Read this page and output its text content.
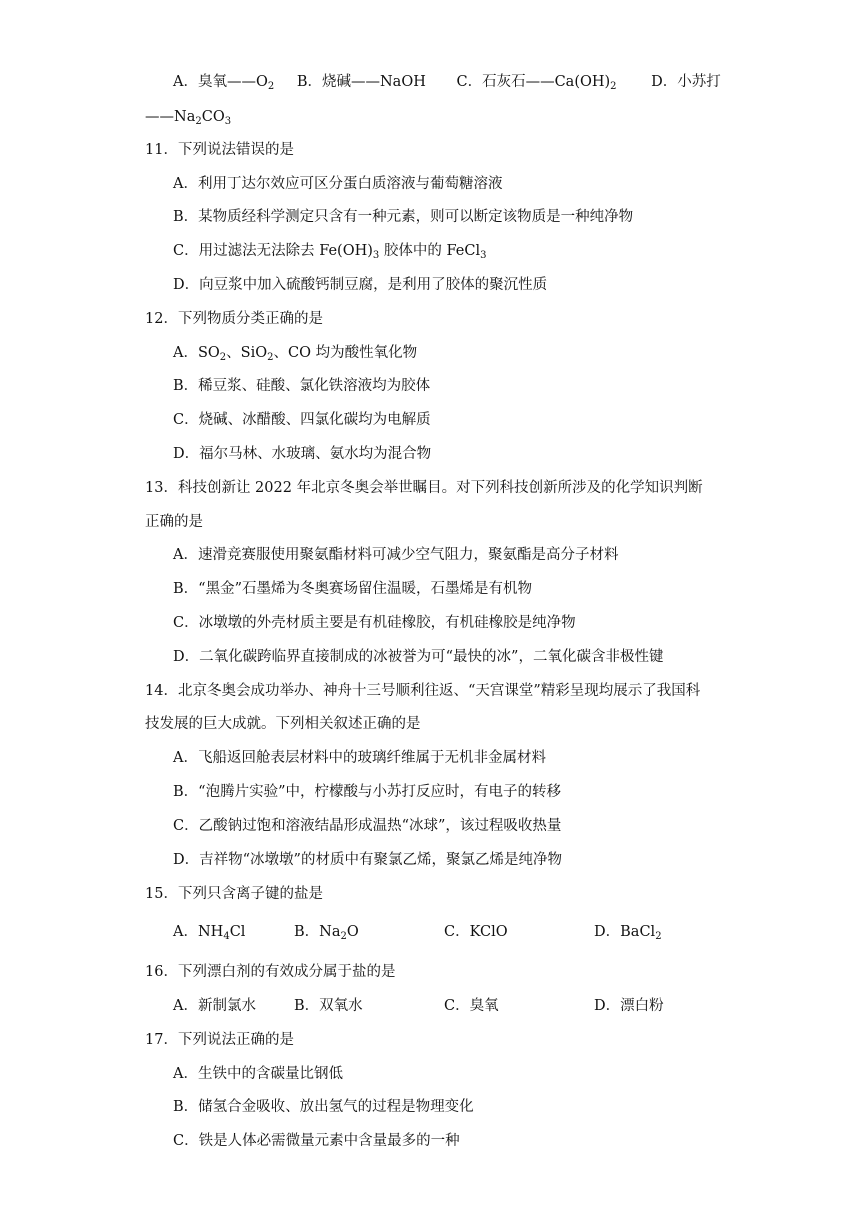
A．臭氧$——O_2$ B．烧碱——NaOH C．石灰石$——Ca(OH)_2$ D．小苏打
$——Na_2CO_3$
11．下列说法错误的是
A．利用丁达尔效应可区分蛋白质溶液与葡萄糖溶液
B．某物质经科学测定只含有一种元素，则可以断定该物质是一种纯净物
C．用过滤法无法除去 $Fe(OH)_3$ 胶体中的 FeCl$_3$
D．向豆浆中加入硫酸钙制豆腐，是利用了胶体的聚沉性质
12．下列物质分类正确的是
A．$SO_2$、SiO$_2$、CO 均为酸性氧化物
B．稀豆浆、硅酸、氯化铁溶液均为胶体
C．烧碱、冰醋酸、四氯化碳均为电解质
D．福尔马林、水玻璃、氨水均为混合物
13．科技创新让 2022 年北京冬奥会举世瞩目。对下列科技创新所涉及的化学知识判断
正确的是
A．速滑竞赛服使用聚氨酯材料可减少空气阻力，聚氨酯是高分子材料
B．“黑金”石墨烯为冬奥赛场留住温暖，石墨烯是有机物
C．冰墩墩的外壳材质主要是有机硅橡胶，有机硅橡胶是纯净物
D．二氧化碳跨临界直接制成的冰被誉为可“最快的冰”，二氧化碳含非极性键
14．北京冬奥会成功举办、神舟十三号顺利往返、“天宫课堂”精彩呈现均展示了我国科
技发展的巨大成就。下列相关叙述正确的是
A．飞船返回舱表层材料中的玻璃纤维属于无机非金属材料
B．“泡腾片实验”中，柠檬酸与小苏打反应时，有电子的转移
C．乙酸钠过饱和溶液结晶形成温热“冰球”，该过程吸收热量
D．吉祥物“冰墩墩”的材质中有聚氯乙烯，聚氯乙烯是纯净物
15．下列只含离子键的盐是
A．$NH_4Cl$	B．$Na_2O$	C．KClO	D．BaCl$_2$
16．下列漂白剂的有效成分属于盐的是
A．新制氯水	B．双氧水	C．臭氧	D．漂白粉
17．下列说法正确的是
A．生铁中的含碳量比钢低
B．储氢合金吸收、放出氢气的过程是物理变化
C．铁是人体必需微量元素中含量最多的一种
